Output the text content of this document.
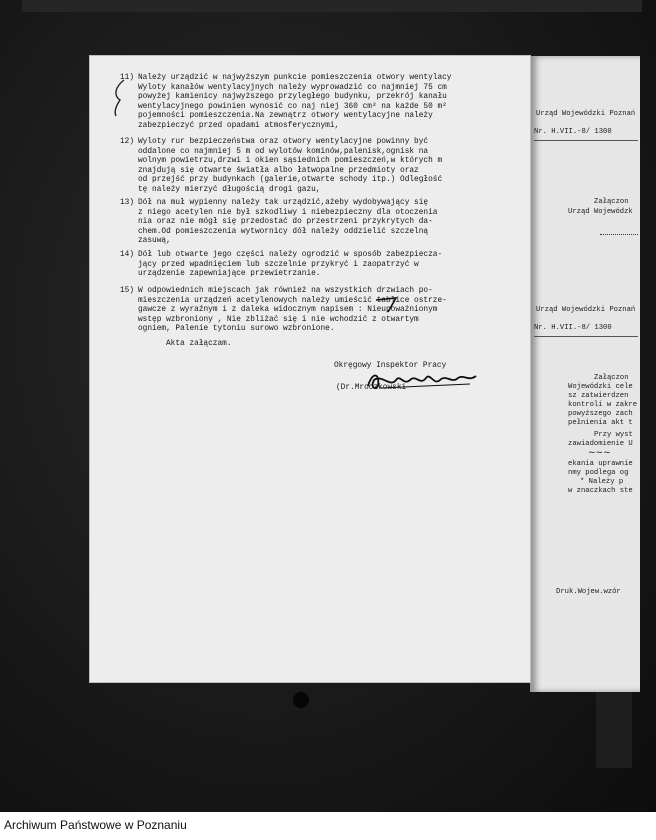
Urząd Wojewódzki Poznań
Nr. H.VII.-8/ 1300
Załączon
Urząd Wojewódzk
Urząd Wojewódzki Poznań
Nr. H.VII.-8/ 1300
Załączon
Wojewódzki cele
sz zatwierdzen
kontroli w zakre
powyższego zach
pełnienia akt t
Przy wyst
zawiadomienie U
~~~
ekania uprawnie
nmy podlega og
* Należy p
w znaczkach ste
Druk.Wojew.wzór
11) Należy urządzić w najwyższym punkcie pomieszczenia otwory wentylacy
Wyloty kanałów wentylacyjnych należy wyprowadzić co najmniej 75 cm
powyżej kamienicy najwyższego przyległego budynku, przekrój kanału
wentylacyjnego powinien wynosić co naj niej 360 cm² na każde 50 m²
pojemności pomieszczenia.Na zewnątrz otwory wentylacyjne należy
zabezpieczyć przed opadami atmosferycznymi,
12) Wyloty rur bezpieczeństwa oraz otwory wentylacyjne powinny być
oddalone co najmniej 5 m od wylotów kominów,palenisk,ognisk na
wolnym powietrzu,drzwi i okien sąsiednich pomieszczeń,w których m
znajdują się otwarte światła albo łatwopalne przedmioty oraz
od przejść przy budynkach (galerie,otwarte schody itp.) Odległość
tę należy mierzyć długością drogi gazu,
13) Dół na muł wypienny należy tak urządzić,ażeby wydobywający się
z niego acetylen nie był szkodliwy i niebezpieczny dla otoczenia
nia oraz nie mógł się przedostać do przestrzeni przykrytych da-
chem.Od pomieszczenia wytwornicy dół należy oddzielić szczelną
zasuwą,
14) Dół lub otwarte jego części należy ogrodzić w sposób zabezpiecza-
jący przed wpadnięciem lub szczelnie przykryć i zaopatrzyć w
urządzenie zapewniające przewietrzanie.
15) W odpowiednich miejscach jak również na wszystkich drzwiach po-
mieszczenia urządzeń acetylenowych należy umieścić tablice ostrze-
gawcze z wyraźnym i z daleka widocznym napisem : Nieupoważnionym
wstęp wzbroniony , Nie zbliżać się i nie wchodzić z otwartym
ogniem, Palenie tytoniu surowo wzbronione.
Akta załączam.
Okręgowy Inspektor Pracy
(Dr.Mroczkowski
Archiwum Państwowe w Poznaniu
